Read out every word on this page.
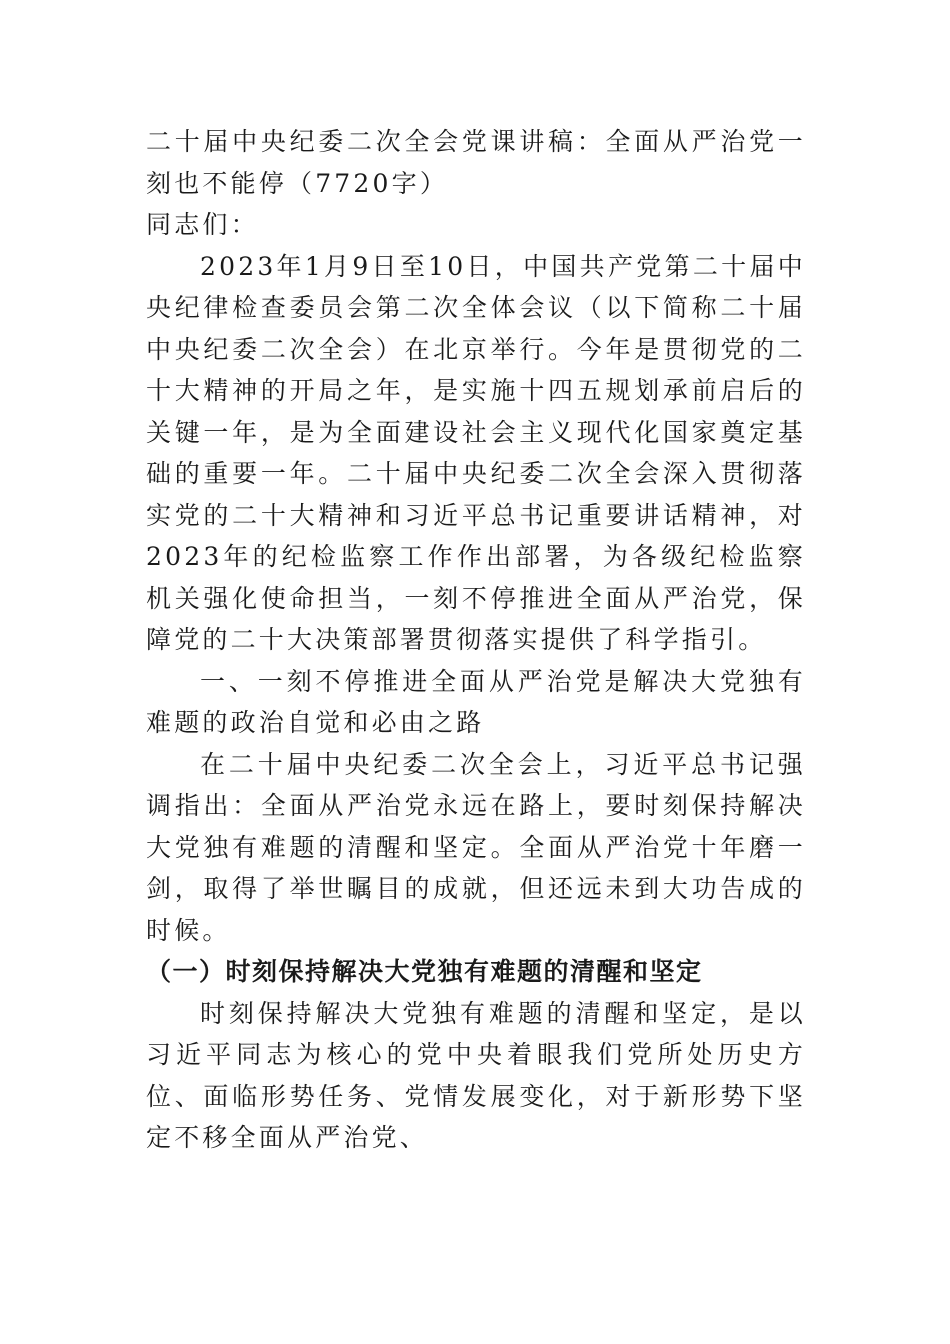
二十届中央纪委二次全会党课讲稿：全面从严治党一刻也不能停（7720字）

同志们：

2023年1月9日至10日，中国共产党第二十届中央纪律检查委员会第二次全体会议（以下简称二十届中央纪委二次全会）在北京举行。今年是贯彻党的二十大精神的开局之年，是实施十四五规划承前启后的关键一年，是为全面建设社会主义现代化国家奠定基础的重要一年。二十届中央纪委二次全会深入贯彻落实党的二十大精神和习近平总书记重要讲话精神，对2023年的纪检监察工作作出部署，为各级纪检监察机关强化使命担当，一刻不停推进全面从严治党，保障党的二十大决策部署贯彻落实提供了科学指引。

一、一刻不停推进全面从严治党是解决大党独有难题的政治自觉和必由之路

在二十届中央纪委二次全会上，习近平总书记强调指出：全面从严治党永远在路上，要时刻保持解决大党独有难题的清醒和坚定。全面从严治党十年磨一剑，取得了举世瞩目的成就，但还远未到大功告成的时候。

（一）时刻保持解决大党独有难题的清醒和坚定

时刻保持解决大党独有难题的清醒和坚定，是以习近平同志为核心的党中央着眼我们党所处历史方位、面临形势任务、党情发展变化，对于新形势下坚定不移全面从严治党、
